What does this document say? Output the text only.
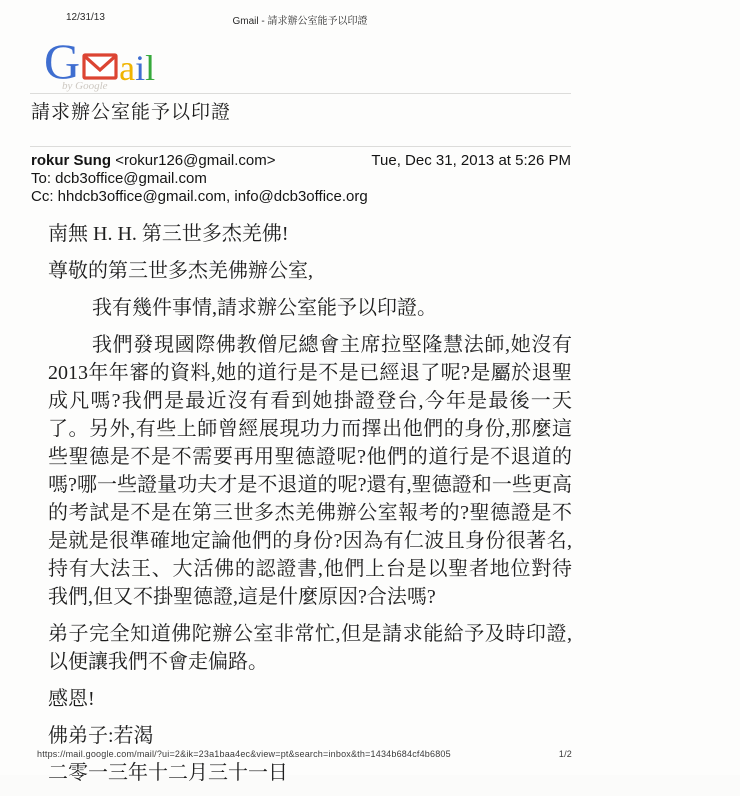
Gmail - 請求辦公室能予以印證
12/31/13
G a i l
by Google
請求辦公室能予以印證
rokur Sung <rokur126@gmail.com>	Tue, Dec 31, 2013 at 5:26 PM
To: dcb3office@gmail.com
Cc: hhdcb3office@gmail.com, info@dcb3office.org

南無 H. H. 第三世多杰羌佛!

尊敬的第三世多杰羌佛辦公室,

我有幾件事情,請求辦公室能予以印證。

我們發現國際佛教僧尼總會主席拉堅隆慧法師,她沒有2013年年審的資料,她的道行是不是已經退了呢?是屬於退聖成凡嗎?我們是最近沒有看到她掛證登台,今年是最後一天了。另外,有些上師曾經展現功力而擇出他們的身份,那麼這些聖德是不是不需要再用聖德證呢?他們的道行是不退道的嗎?哪一些證量功夫才是不退道的呢?還有,聖德證和一些更高的考試是不是在第三世多杰羌佛辦公室報考的?聖德證是不是就是很準確地定論他們的身份?因為有仁波且身份很著名,持有大法王、大活佛的認證書,他們上台是以聖者地位對待我們,但又不掛聖德證,這是什麼原因?合法嗎?

弟子完全知道佛陀辦公室非常忙,但是請求能給予及時印證,以便讓我們不會走偏路。

感恩!

佛弟子:若渴

二零一三年十二月三十一日

https://mail.google.com/mail/?ui=2&ik=23a1baa4ec&view=pt&search=inbox&th=1434b684cf4b6805	1/2
